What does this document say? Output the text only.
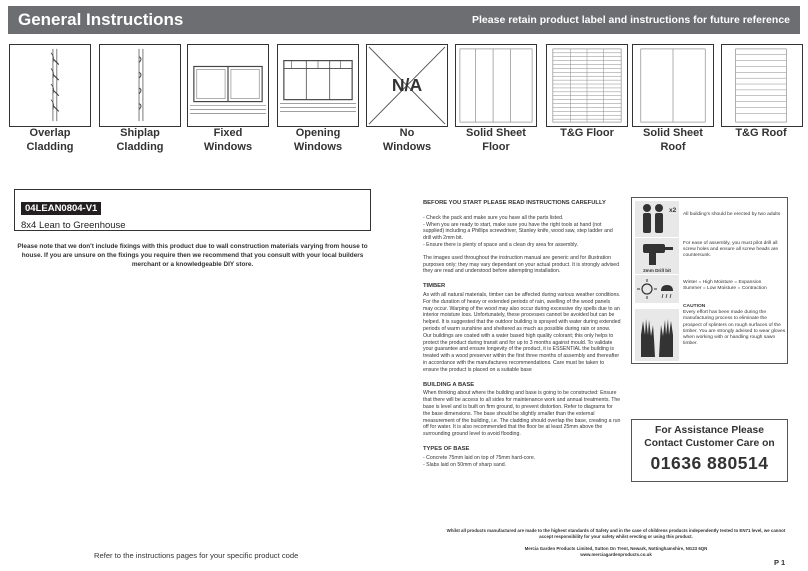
General Instructions	Please retain product label and instructions for future reference
Overlap
Cladding
Shiplap
Cladding
Fixed
Windows
Opening
Windows
N/A
No
Windows
Solid Sheet
Floor
T&G Floor	Solid Sheet
Roof
T&G Roof
04LEAN0804-V1
8x4 Lean to Greenhouse
Please note that we don't include fixings with this product due to wall construction materials varying from house to house. If you are unsure on the fixings you require then we recommend that you consult with your local builders merchant or a knowledgeable DIY store.
Refer to the instructions pages for your specific product code
BEFORE YOU START PLEASE READ INSTRUCTIONS CAREFULLY

- Check the pack and make sure you have all the parts listed.

- When you are ready to start, make sure you have the right tools at hand (not supplied) including a Phillips screwdriver, Stanley knife, wood saw, step ladder and drill with 2mm bit.

- Ensure there is plenty of space and a clean dry area for assembly.

The images used throughout the instruction manual are generic and for illustration purposes only; they may vary dependant on your actual product. It is strongly advised they are read and understood before attempting installation.

TIMBER

As with all natural materials, timber can be affected during various weather conditions. For the duration of heavy or extended periods of rain, swelling of the wood panels may occur. Warping of the wood may also occur during excessive dry spells due to an interior moisture loss. Unfortunately, these processes cannot be avoided but can be helped. It is suggested that the outdoor building is sprayed with water during extended periods of warm sunshine and sheltered as much as possible during rain or snow.

Our buildings are coated with a water based high quality colorant; this only helps to protect the product during transit and for up to 3 months against mould. To validate your guarantee and ensure longevity of the product, it is ESSENTIAL the building is treated with a wood preserver within the first three months of assembly and thereafter in accordance with the manufactures recommendations. Care must be taken to ensure the product is placed on a suitable base

BUILDING A BASE

When thinking about where the building and base is going to be constructed: Ensure that there will be access to all sides for maintenance work and annual treatments. The base is level and is built on firm ground, to prevent distortion. Refer to diagrams for the base dimensions. The base should be slightly smaller than the external measurement of the building, i.e. The cladding should overlap the base, creating a run off for water. It is also recommended that the floor be at least 25mm above the surrounding ground level to avoid flooding.

TYPES OF BASE

- Concrete 75mm laid on top of 75mm hard-core.

- Slabs laid on 50mm of sharp sand.

x2
All building's should be erected by two adults
2mm Drill bit
For ease of assembly, you must pilot drill all screw holes and ensure all screw heads are countersunk.
Winter = High Moisture = Expansion
Summer = Low Moisture = Contraction
CAUTION
Every effort has been made during the manufacturing process to eliminate the prospect of splinters on rough surfaces of the timber. You are strongly advised to wear gloves when working with or handling rough sawn timber.
For Assistance Please
Contact Customer Care on
01636 880514
Whilst all products manufactured are made to the highest standards of Safety and in the case of childrens products independently tested to EN71 level, we cannot accept responsibility for your safety whilst erecting or using this product.
Mercia Garden Products Limited, Sutton On Trent, Newark, Nottinghamshire, NG23 6QN
www.merciagardenproducts.co.uk
P 1
